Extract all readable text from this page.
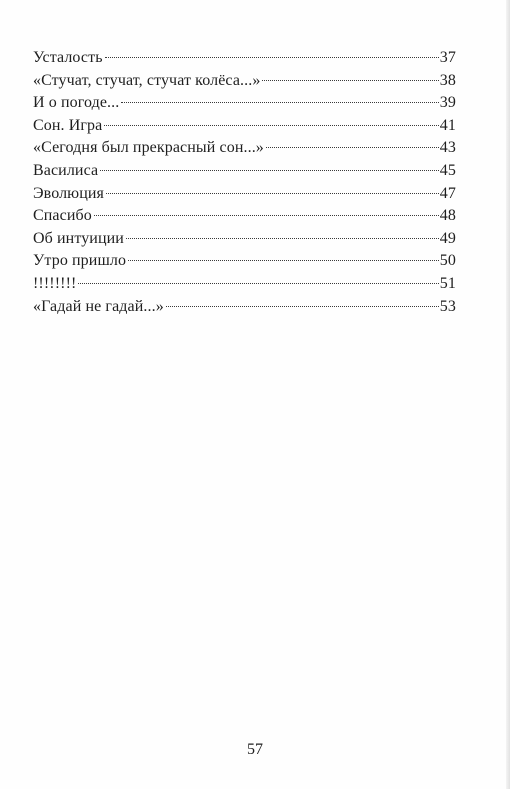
Усталость	37
«Стучат, стучат, стучат колёса...»	38
И о погоде...	39
Сон. Игра	41
«Сегодня был прекрасный сон...»	43
Василиса	45
Эволюция	47
Спасибо	48
Об интуиции	49
Утро пришло	50
!!!!!!!!	51
«Гадай не гадай...»	53
57
